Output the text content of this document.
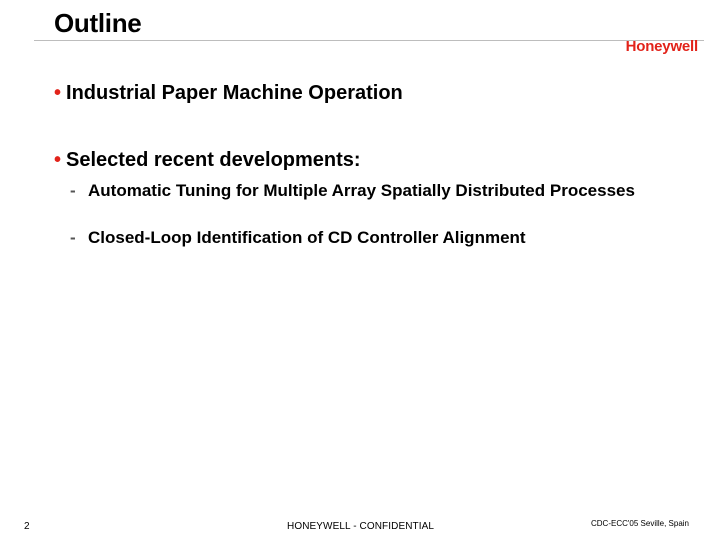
Outline
Honeywell
• Industrial Paper Machine Operation
• Selected recent developments:
- Automatic Tuning for Multiple Array Spatially Distributed Processes
- Closed-Loop Identification of CD Controller Alignment
2	HONEYWELL - CONFIDENTIAL	CDC-ECC'05 Seville, Spain
